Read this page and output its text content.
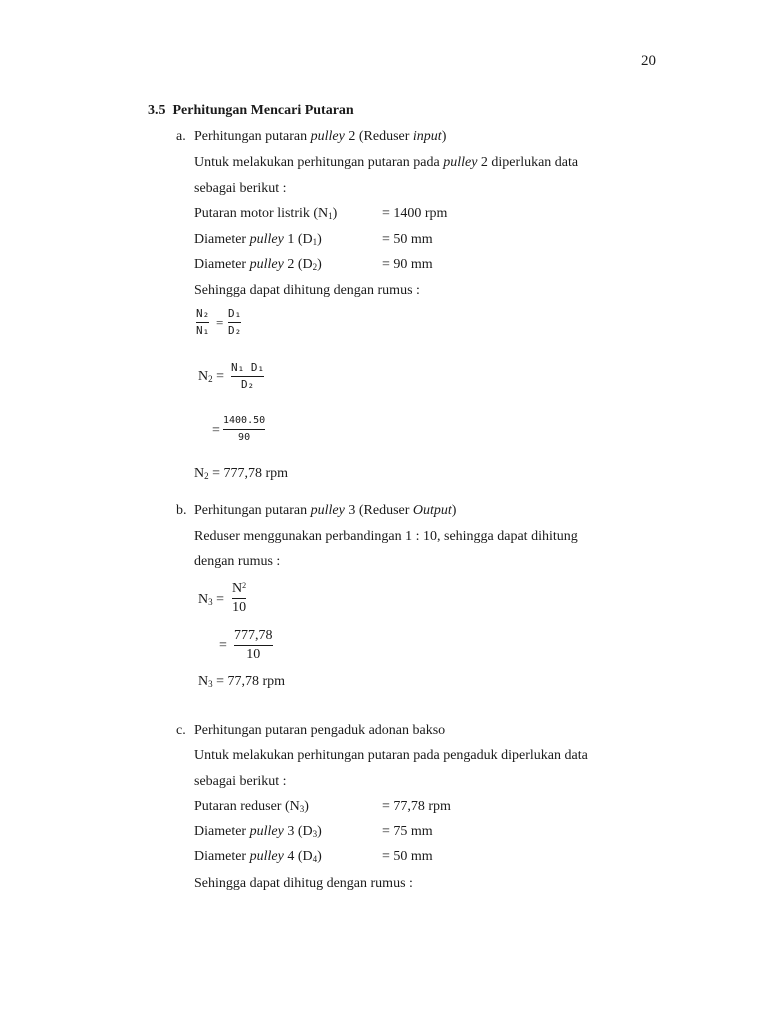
20
3.5 Perhitungan Mencari Putaran
a. Perhitungan putaran pulley 2 (Reduser input)
Untuk melakukan perhitungan putaran pada pulley 2 diperlukan data
sebagai berikut :
Putaran motor listrik $(N_1)$	= 1400 rpm
Diameter pulley 1 $(D_1)$	= 50 mm
Diameter pulley 2 $(D_2)$	= 90 mm
Sehingga dapat dihitung dengan rumus :
N₂
N₁
=
D₁
D₂
$N_2$ =
N₁ D₁
D₂
=
1400.50
90
$N_2 = 777,78$ rpm
b. Perhitungan putaran pulley 3 (Reduser Output)
Reduser menggunakan perbandingan 1 : 10, sehingga dapat dihitung
dengan rumus :
$N_3$ =
$N_2$
10
=
777,78
10
$N_3 = 77,78$ rpm
c. Perhitungan putaran pengaduk adonan bakso
Untuk melakukan perhitungan putaran pada pengaduk diperlukan data
sebagai berikut :
Putaran reduser $(N_3)$	= 77,78 rpm
Diameter pulley 3 $(D_3)$	= 75 mm
Diameter pulley 4 $(D_4)$	= 50 mm
Sehingga dapat dihitug dengan rumus :
